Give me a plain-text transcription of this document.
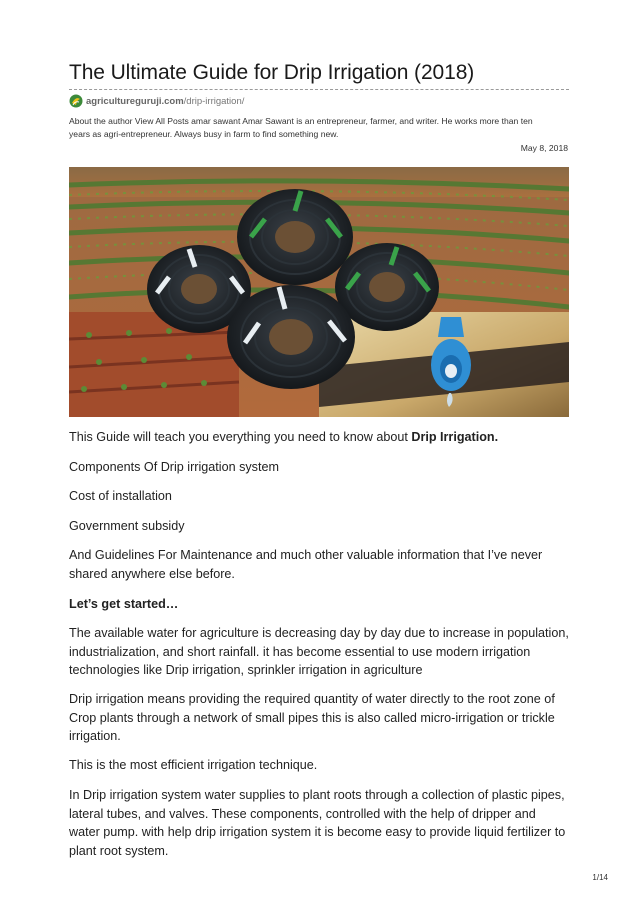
The Ultimate Guide for Drip Irrigation (2018)
agricultureguruji.com /drip-irrigation/
About the author View All Posts amar sawant Amar Sawant is an entrepreneur, farmer, and writer. He works more than ten
years as agri-entrepreneur. Always busy in farm to find something new.
May 8, 2018
This Guide will teach you everything you need to know about Drip Irrigation.
Components Of Drip irrigation system
Cost of installation
Government subsidy
And Guidelines For Maintenance and much other valuable information that I’ve never shared anywhere else before.
Let’s get started…
The available water for agriculture is decreasing day by day due to increase in population, industrialization, and short rainfall. it has become essential to use modern irrigation technologies like Drip irrigation, sprinkler irrigation in agriculture
Drip irrigation means providing the required quantity of water directly to the root zone of Crop plants through a network of small pipes this is also called micro-irrigation or trickle irrigation.
This is the most efficient irrigation technique.
In Drip irrigation system water supplies to plant roots through a collection of plastic pipes, lateral tubes, and valves. These components, controlled with the help of dripper and water pump. with help drip irrigation system it is become easy to provide liquid fertilizer to plant root system.
1/14
